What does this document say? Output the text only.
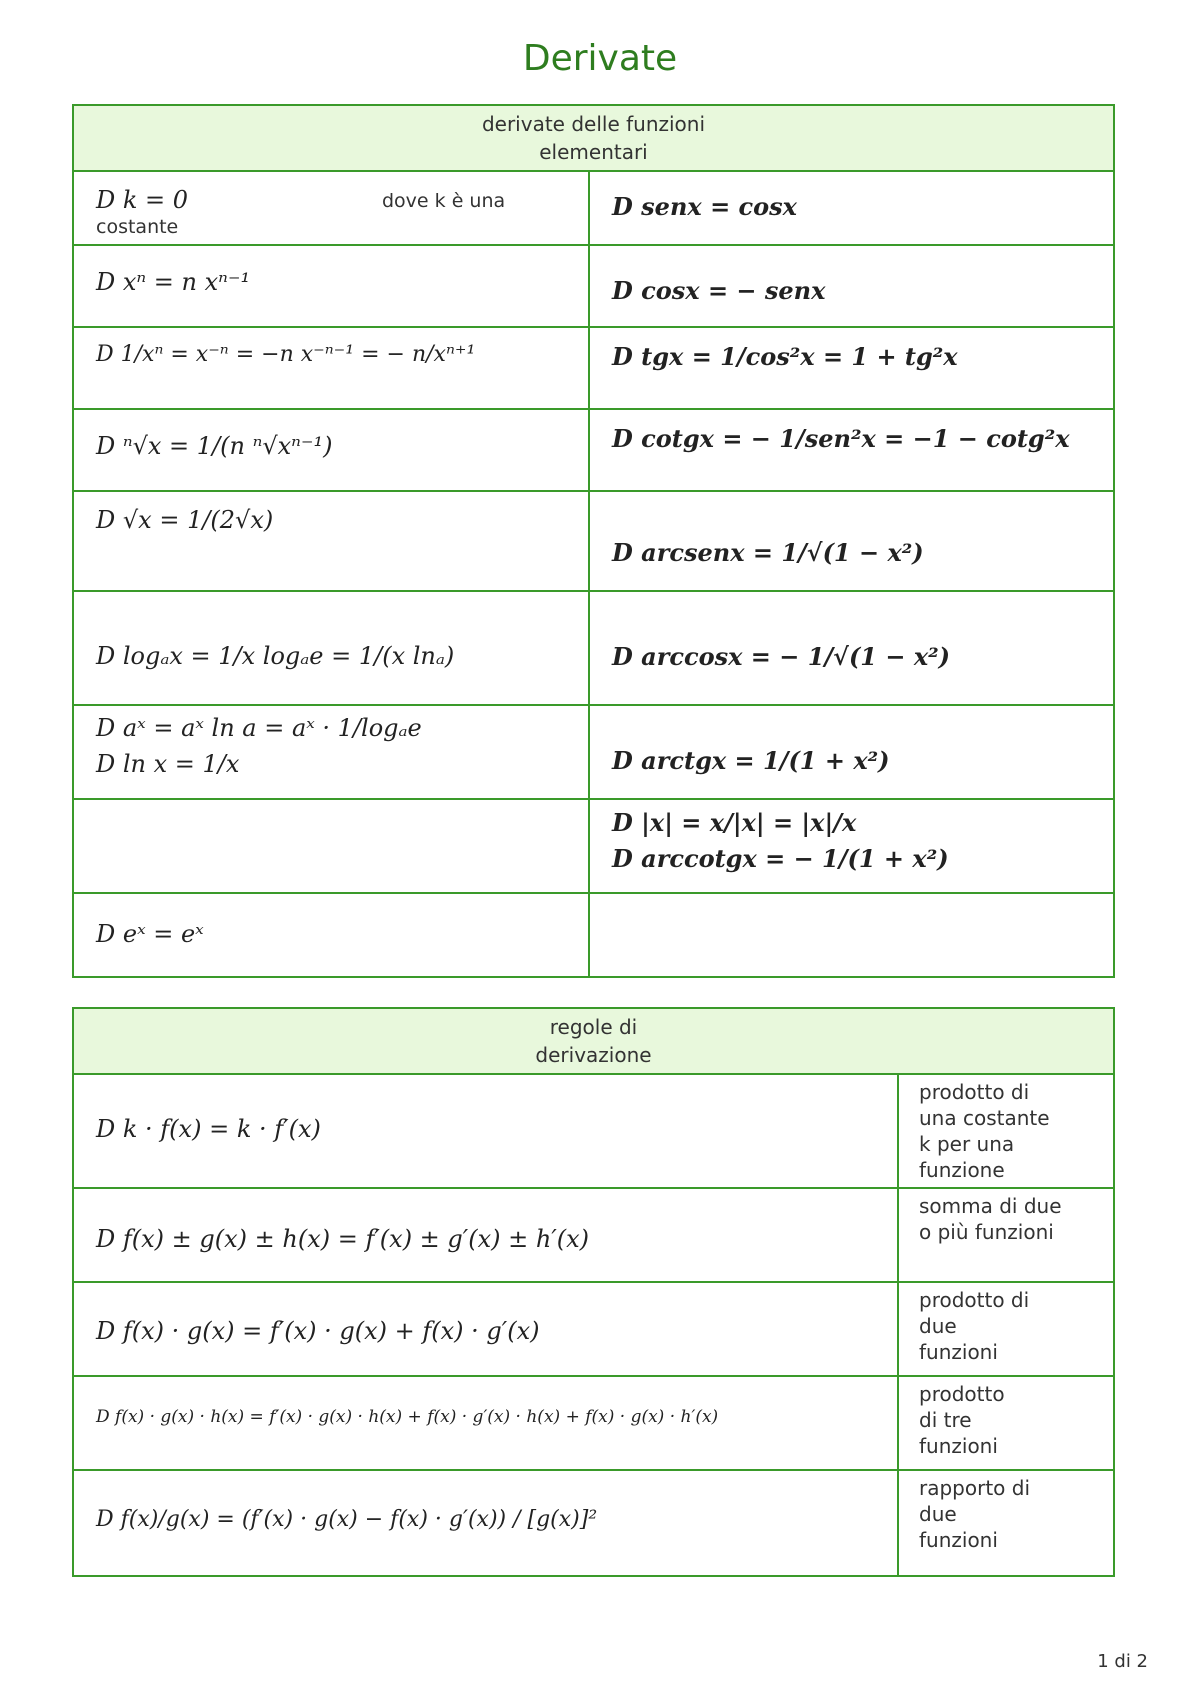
Derivate
derivate delle funzioni
elementari	

D k = 0 dove k è una
costante	D senx = cosx

D xⁿ = n xⁿ⁻¹	D cosx = − senx

D 1/xⁿ = x⁻ⁿ = −n x⁻ⁿ⁻¹ = − n/xⁿ⁺¹	D tgx = 1/cos²x = 1 + tg²x

D ⁿ√x = 1/(n ⁿ√xⁿ⁻¹)	D cotgx = − 1/sen²x = −1 − cotg²x

D √x = 1/(2√x)	D arcsenx = 1/√(1 − x²)

D logₐx = 1/x logₐe = 1/(x lnₐ)	D arccosx = − 1/√(1 − x²)

D aˣ = aˣ ln a = aˣ · 1/logₐe
D ln x = 1/x	D arctgx = 1/(1 + x²)

	D |x| = x/|x| = |x|/x
D arccotgx = − 1/(1 + x²)

D eˣ = eˣ	

regole di
derivazione	

D k · f(x) = k · f′(x)	prodotto di
una costante
k per una
funzione

D f(x) ± g(x) ± h(x) = f′(x) ± g′(x) ± h′(x)	somma di due
o più funzioni

D f(x) · g(x) = f′(x) · g(x) + f(x) · g′(x)	prodotto di
due
funzioni

D f(x) · g(x) · h(x) = f′(x) · g(x) · h(x) + f(x) · g′(x) · h(x) + f(x) · g(x) · h′(x)	prodotto
di tre
funzioni

D f(x)/g(x) = (f′(x) · g(x) − f(x) · g′(x)) / [g(x)]²	rapporto di
due
funzioni
1 di 2
